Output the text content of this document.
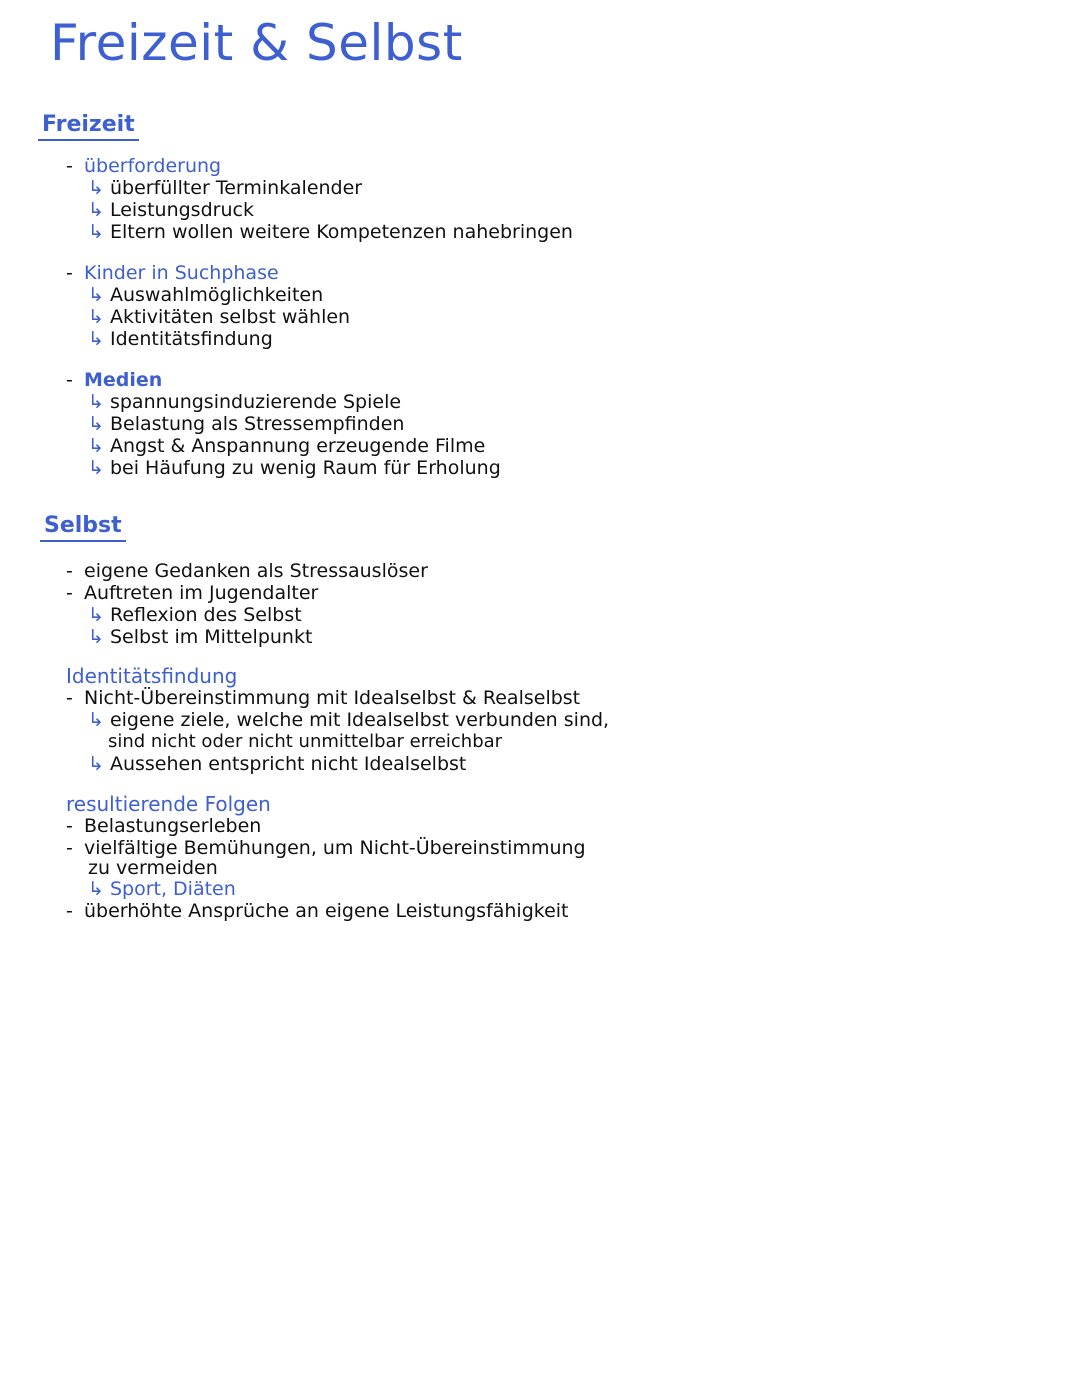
Freizeit & Selbst
Freizeit
- überforderung
↳ überfüllter Terminkalender
↳ Leistungsdruck
↳ Eltern wollen weitere Kompetenzen nahebringen
- Kinder in Suchphase
↳ Auswahlmöglichkeiten
↳ Aktivitäten selbst wählen
↳ Identitätsfindung
- Medien
↳ spannungsinduzierende Spiele
↳ Belastung als Stressempfinden
↳ Angst & Anspannung erzeugende Filme
↳ bei Häufung zu wenig Raum für Erholung
Selbst
- eigene Gedanken als Stressauslöser
- Auftreten im Jugendalter
↳ Reflexion des Selbst
↳ Selbst im Mittelpunkt
Identitätsfindung
- Nicht-Übereinstimmung mit Idealselbst & Realselbst
↳ eigene ziele, welche mit Idealselbst verbunden sind,
sind nicht oder nicht unmittelbar erreichbar
↳ Aussehen entspricht nicht Idealselbst
resultierende Folgen
- Belastungserleben
- vielfältige Bemühungen, um Nicht-Übereinstimmung
zu vermeiden
↳ Sport, Diäten
- überhöhte Ansprüche an eigene Leistungsfähigkeit
